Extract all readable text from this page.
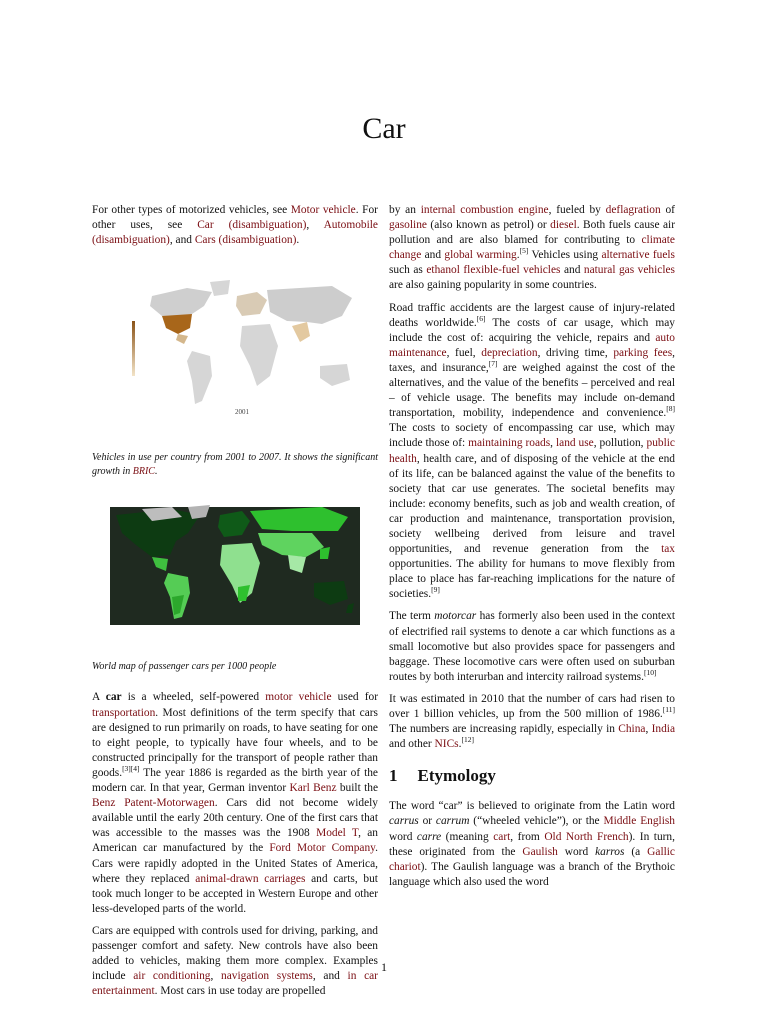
Car

For other types of motorized vehicles, see Motor vehicle. For other uses, see Car (disambiguation), Automobile (disambiguation), and Cars (disambiguation).

2001

Vehicles in use per country from 2001 to 2007. It shows the significant growth in BRIC.

World map of passenger cars per 1000 people

A car is a wheeled, self-powered motor vehicle used for transportation. Most definitions of the term specify that cars are designed to run primarily on roads, to have seating for one to eight people, to typically have four wheels, and to be constructed principally for the transport of people rather than goods.[3][4] The year 1886 is regarded as the birth year of the modern car. In that year, German inventor Karl Benz built the Benz Patent-Motorwagen. Cars did not become widely available until the early 20th century. One of the first cars that was accessible to the masses was the 1908 Model T, an American car manufactured by the Ford Motor Company. Cars were rapidly adopted in the United States of America, where they replaced animal-drawn carriages and carts, but took much longer to be accepted in Western Europe and other less-developed parts of the world.

Cars are equipped with controls used for driving, parking, and passenger comfort and safety. New controls have also been added to vehicles, making them more complex. Examples include air conditioning, navigation systems, and in car entertainment. Most cars in use today are propelled

by an internal combustion engine, fueled by deflagration of gasoline (also known as petrol) or diesel. Both fuels cause air pollution and are also blamed for contributing to climate change and global warming.[5] Vehicles using alternative fuels such as ethanol flexible-fuel vehicles and natural gas vehicles are also gaining popularity in some countries.

Road traffic accidents are the largest cause of injury-related deaths worldwide.[6] The costs of car usage, which may include the cost of: acquiring the vehicle, repairs and auto maintenance, fuel, depreciation, driving time, parking fees, taxes, and insurance,[7] are weighed against the cost of the alternatives, and the value of the benefits – perceived and real – of vehicle usage. The benefits may include on-demand transportation, mobility, independence and convenience.[8] The costs to society of encompassing car use, which may include those of: maintaining roads, land use, pollution, public health, health care, and of disposing of the vehicle at the end of its life, can be balanced against the value of the benefits to society that car use generates. The societal benefits may include: economy benefits, such as job and wealth creation, of car production and maintenance, transportation provision, society wellbeing derived from leisure and travel opportunities, and revenue generation from the tax opportunities. The ability for humans to move flexibly from place to place has far-reaching implications for the nature of societies.[9]

The term motorcar has formerly also been used in the context of electrified rail systems to denote a car which functions as a small locomotive but also provides space for passengers and baggage. These locomotive cars were often used on suburban routes by both interurban and intercity railroad systems.[10]

It was estimated in 2010 that the number of cars had risen to over 1 billion vehicles, up from the 500 million of 1986.[11] The numbers are increasing rapidly, especially in China, India and other NICs.[12]

1 Etymology

The word “car” is believed to originate from the Latin word carrus or carrum (“wheeled vehicle”), or the Middle English word carre (meaning cart, from Old North French). In turn, these originated from the Gaulish word karros (a Gallic chariot). The Gaulish language was a branch of the Brythoic language which also used the word

1
